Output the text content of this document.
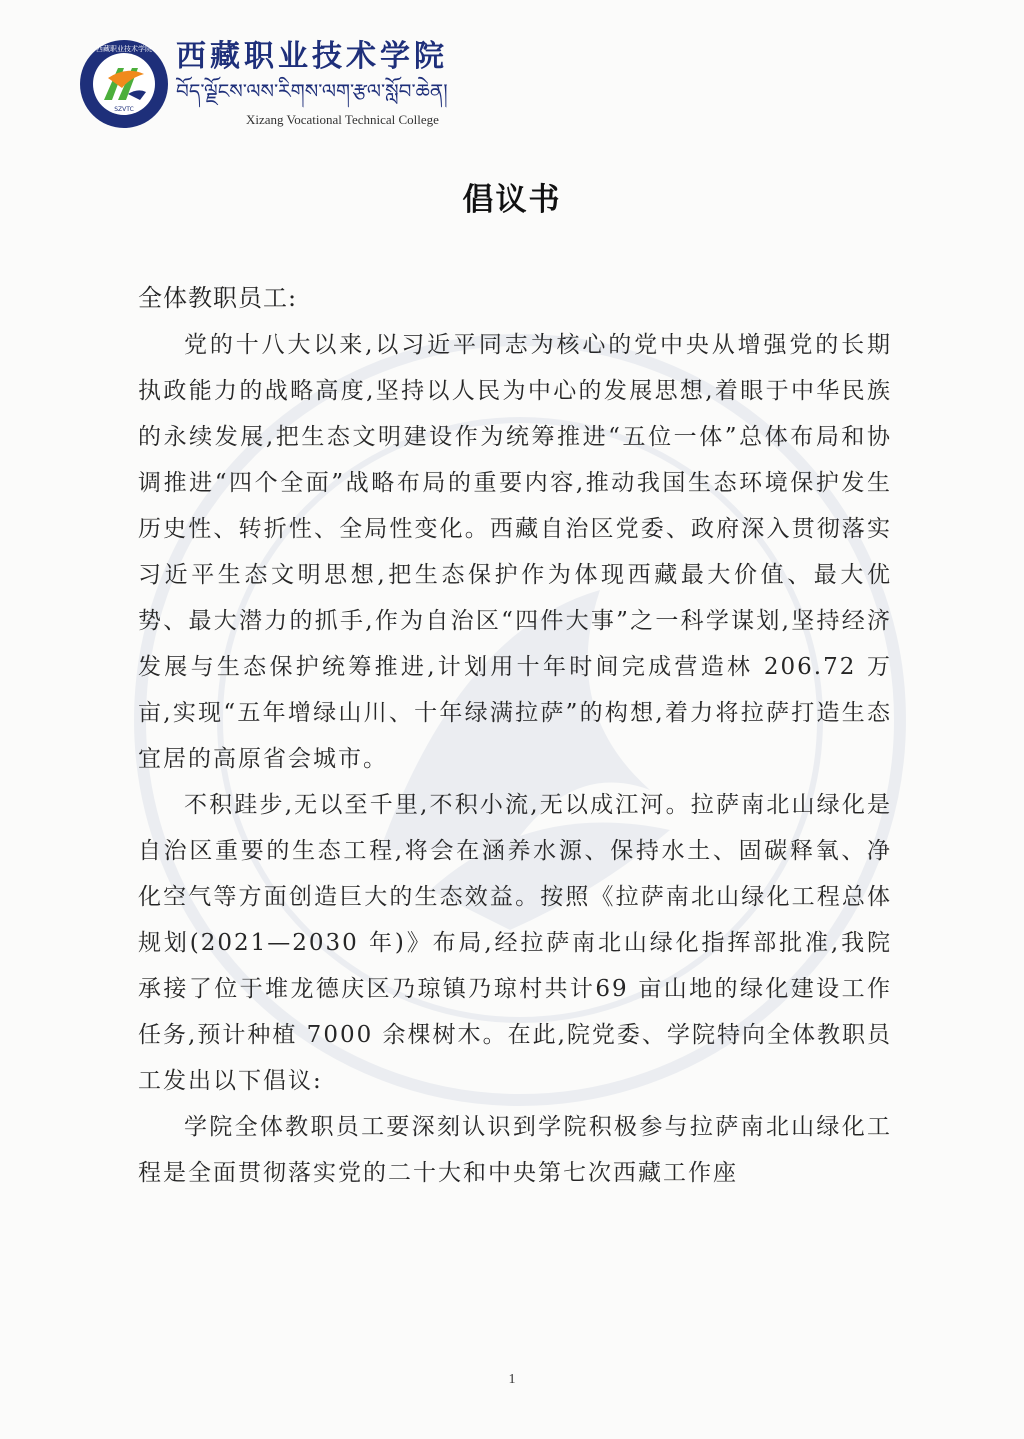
SZVTC
西藏职业技术学院 西藏职业技术学院
བོད་ལྗོངས་ལས་རིགས་ལག་རྩལ་སློབ་ཆེན།
Xizang Vocational Technical College
倡议书

全体教职员工:

党的十八大以来,以习近平同志为核心的党中央从增强党的长期执政能力的战略高度,坚持以人民为中心的发展思想,着眼于中华民族的永续发展,把生态文明建设作为统筹推进“五位一体”总体布局和协调推进“四个全面”战略布局的重要内容,推动我国生态环境保护发生历史性、转折性、全局性变化。西藏自治区党委、政府深入贯彻落实习近平生态文明思想,把生态保护作为体现西藏最大价值、最大优势、最大潜力的抓手,作为自治区“四件大事”之一科学谋划,坚持经济发展与生态保护统筹推进,计划用十年时间完成营造林 206.72 万亩,实现“五年增绿山川、十年绿满拉萨”的构想,着力将拉萨打造生态宜居的高原省会城市。

不积跬步,无以至千里,不积小流,无以成江河。拉萨南北山绿化是自治区重要的生态工程,将会在涵养水源、保持水土、固碳释氧、净化空气等方面创造巨大的生态效益。按照《拉萨南北山绿化工程总体规划(2021—2030 年)》布局,经拉萨南北山绿化指挥部批准,我院承接了位于堆龙德庆区乃琼镇乃琼村共计69 亩山地的绿化建设工作任务,预计种植 7000 余棵树木。在此,院党委、学院特向全体教职员工发出以下倡议:

学院全体教职员工要深刻认识到学院积极参与拉萨南北山绿化工程是全面贯彻落实党的二十大和中央第七次西藏工作座

1
